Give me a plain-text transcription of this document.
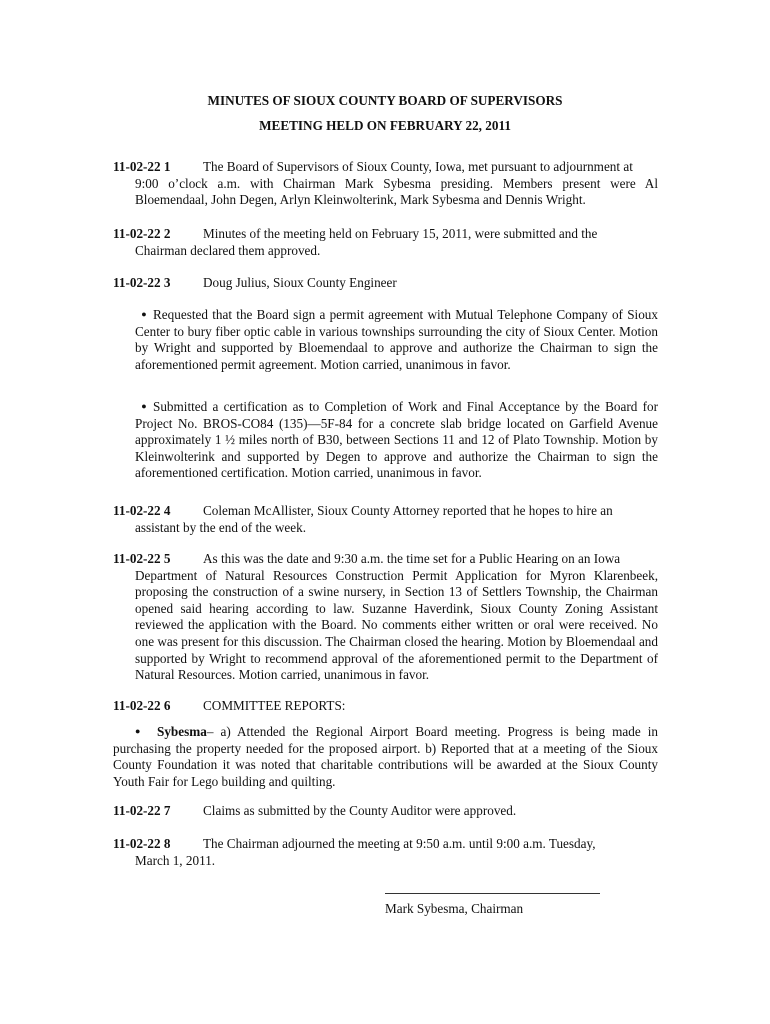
MINUTES OF SIOUX COUNTY BOARD OF SUPERVISORS
MEETING HELD ON FEBRUARY 22, 2011
11-02-22 1 The Board of Supervisors of Sioux County, Iowa, met pursuant to adjournment at
9:00 o’clock a.m. with Chairman Mark Sybesma presiding. Members present were Al Bloemendaal, John Degen, Arlyn Kleinwolterink, Mark Sybesma and Dennis Wright.
11-02-22 2 Minutes of the meeting held on February 15, 2011, were submitted and the
Chairman declared them approved.
11-02-22 3 Doug Julius, Sioux County Engineer
● Requested that the Board sign a permit agreement with Mutual Telephone Company of Sioux Center to bury fiber optic cable in various townships surrounding the city of Sioux Center. Motion by Wright and supported by Bloemendaal to approve and authorize the Chairman to sign the aforementioned permit agreement. Motion carried, unanimous in favor.
● Submitted a certification as to Completion of Work and Final Acceptance by the Board for Project No. BROS-CO84 (135)—5F-84 for a concrete slab bridge located on Garfield Avenue approximately 1 ½ miles north of B30, between Sections 11 and 12 of Plato Township. Motion by Kleinwolterink and supported by Degen to approve and authorize the Chairman to sign the aforementioned certification. Motion carried, unanimous in favor.
11-02-22 4 Coleman McAllister, Sioux County Attorney reported that he hopes to hire an
assistant by the end of the week.
11-02-22 5 As this was the date and 9:30 a.m. the time set for a Public Hearing on an Iowa
Department of Natural Resources Construction Permit Application for Myron Klarenbeek, proposing the construction of a swine nursery, in Section 13 of Settlers Township, the Chairman opened said hearing according to law. Suzanne Haverdink, Sioux County Zoning Assistant reviewed the application with the Board. No comments either written or oral were received. No one was present for this discussion. The Chairman closed the hearing. Motion by Bloemendaal and supported by Wright to recommend approval of the aforementioned permit to the Department of Natural Resources. Motion carried, unanimous in favor.
11-02-22 6 COMMITTEE REPORTS:
● Sybesma– a) Attended the Regional Airport Board meeting. Progress is being made in purchasing the property needed for the proposed airport. b) Reported that at a meeting of the Sioux County Foundation it was noted that charitable contributions will be awarded at the Sioux County Youth Fair for Lego building and quilting.
11-02-22 7 Claims as submitted by the County Auditor were approved.
11-02-22 8 The Chairman adjourned the meeting at 9:50 a.m. until 9:00 a.m. Tuesday,
March 1, 2011.
Mark Sybesma, Chairman
